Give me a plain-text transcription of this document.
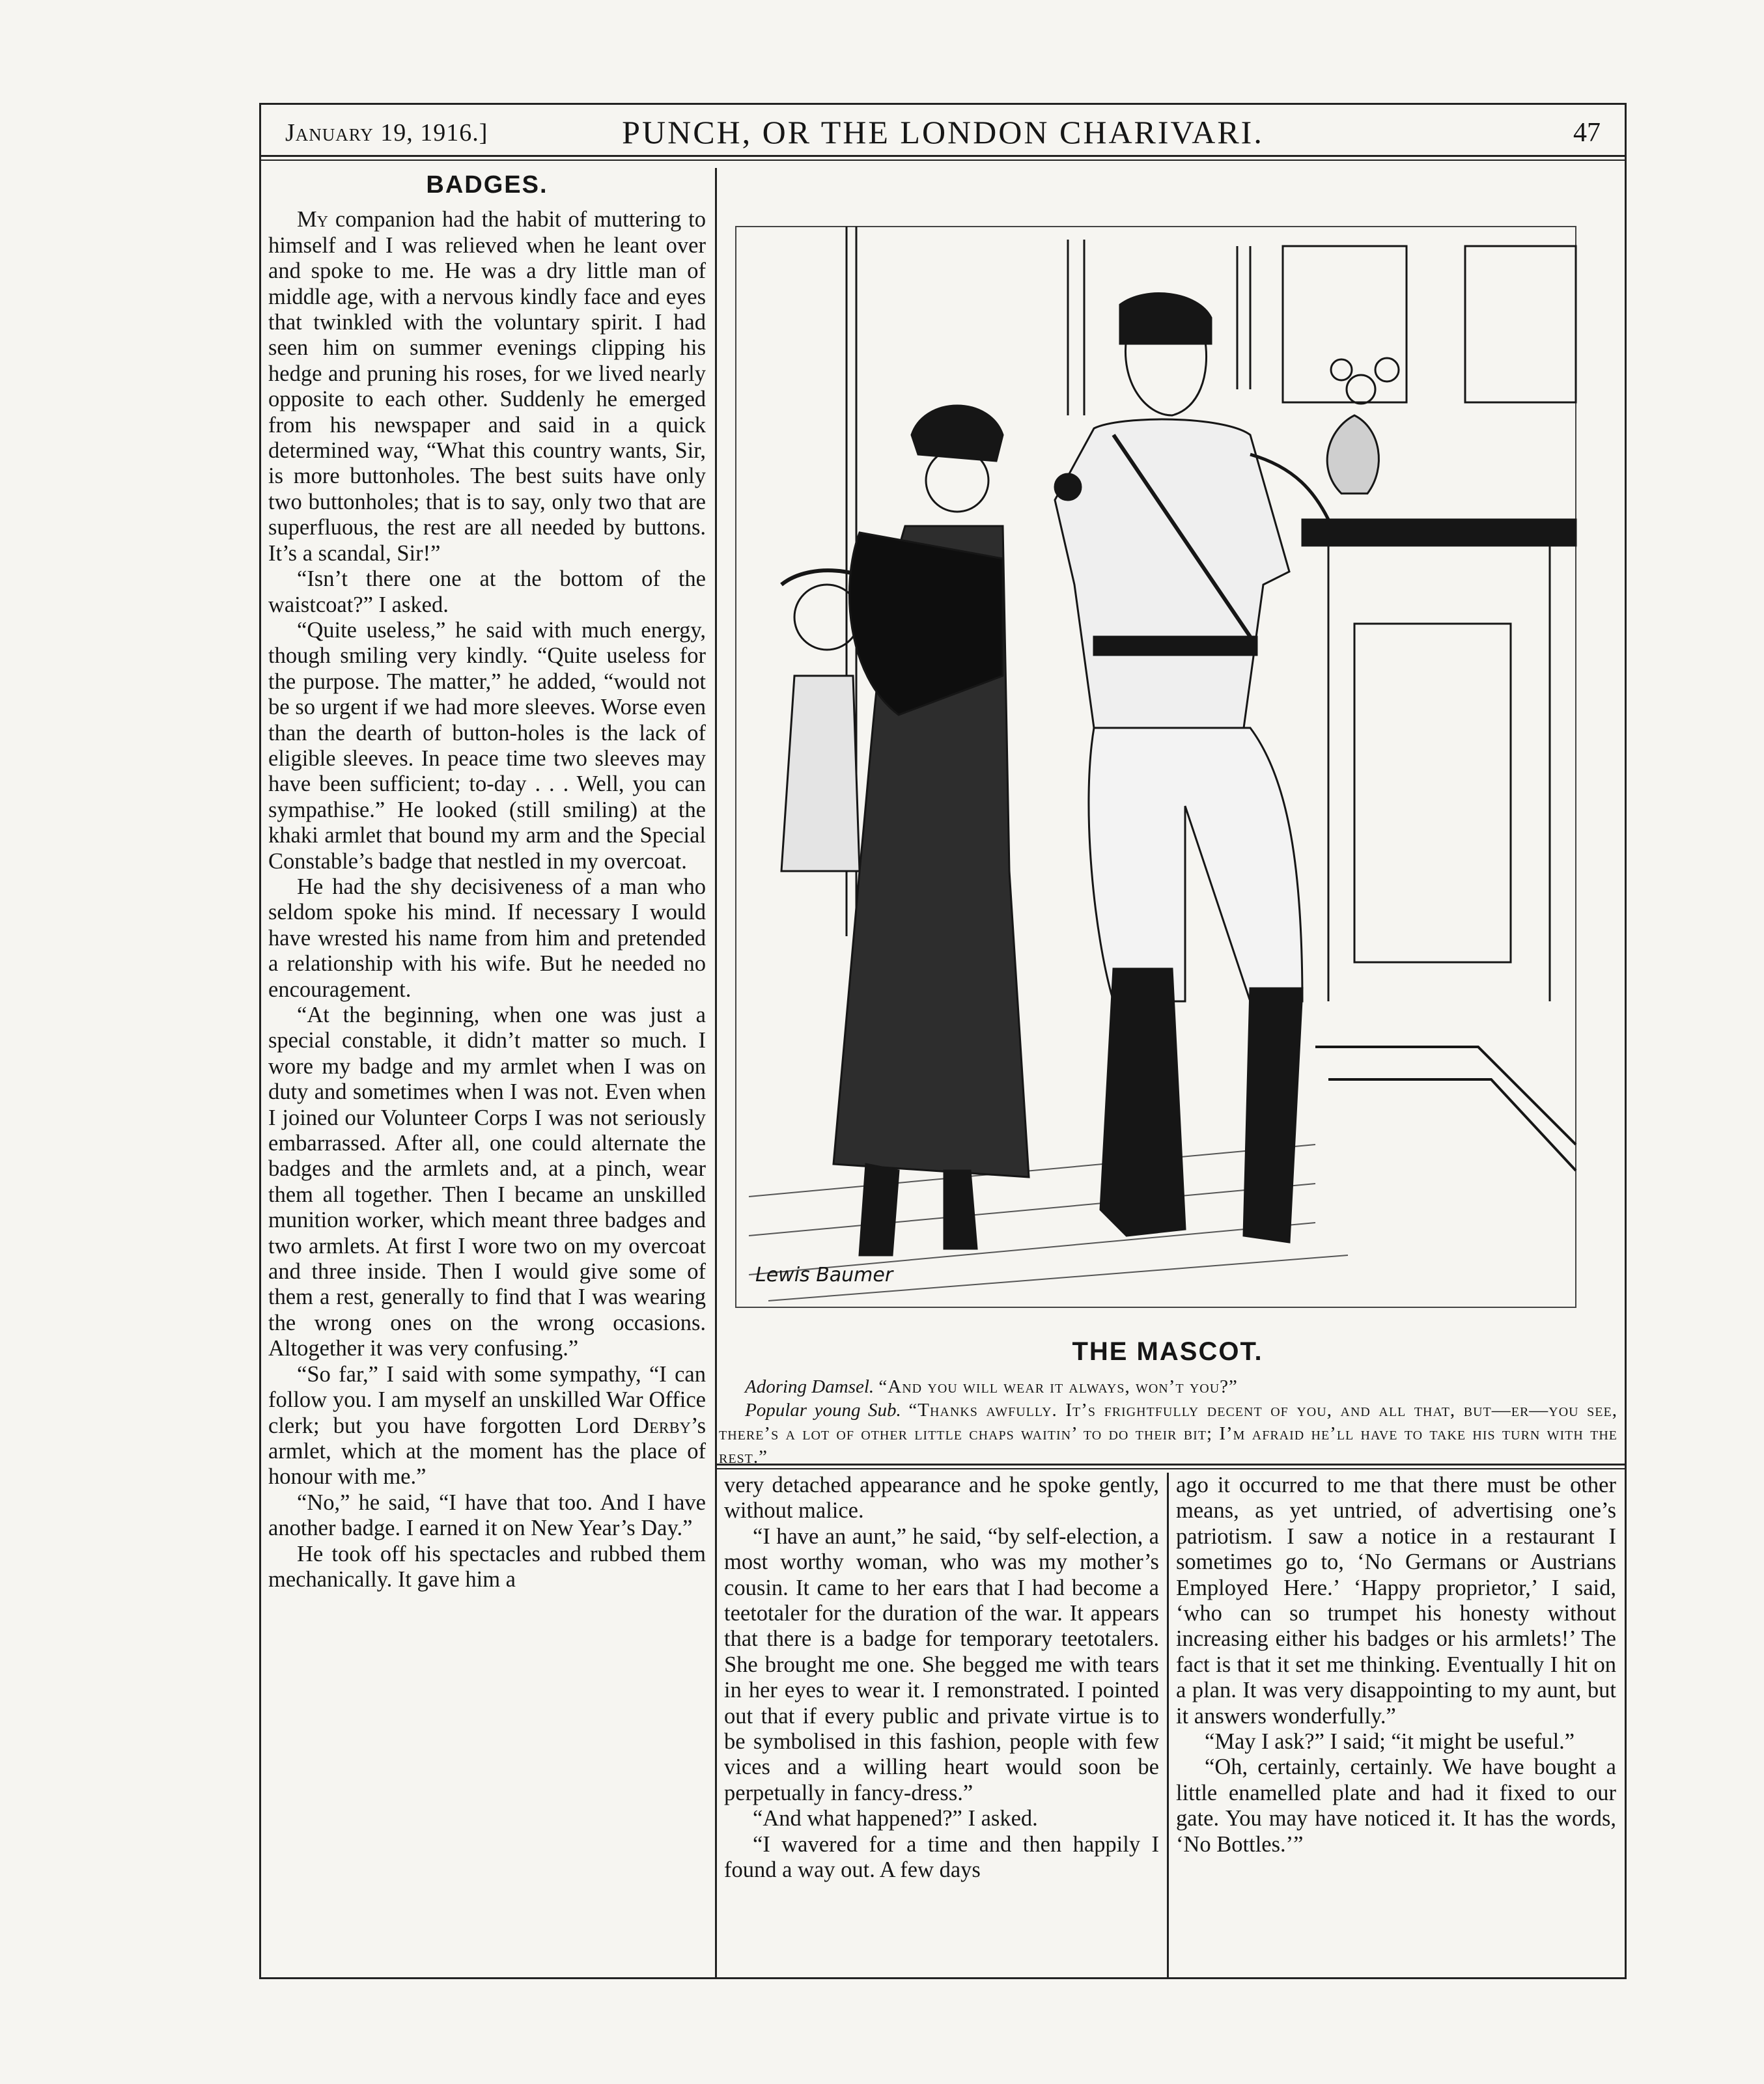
January 19, 1916.]	PUNCH, OR THE LONDON CHARIVARI.	47
BADGES.

My companion had the habit of muttering to himself and I was relieved when he leant over and spoke to me. He was a dry little man of middle age, with a nervous kindly face and eyes that twinkled with the voluntary spirit. I had seen him on summer evenings clipping his hedge and pruning his roses, for we lived nearly opposite to each other. Suddenly he emerged from his newspaper and said in a quick determined way, “What this country wants, Sir, is more buttonholes. The best suits have only two buttonholes; that is to say, only two that are superfluous, the rest are all needed by buttons. It’s a scandal, Sir!”

“Isn’t there one at the bottom of the waistcoat?” I asked.

“Quite useless,” he said with much energy, though smiling very kindly. “Quite useless for the purpose. The matter,” he added, “would not be so urgent if we had more sleeves. Worse even than the dearth of button-holes is the lack of eligible sleeves. In peace time two sleeves may have been sufficient; to-day . . . Well, you can sympathise.” He looked (still smiling) at the khaki armlet that bound my arm and the Special Constable’s badge that nestled in my overcoat.

He had the shy decisiveness of a man who seldom spoke his mind. If necessary I would have wrested his name from him and pretended a relationship with his wife. But he needed no encouragement.

“At the beginning, when one was just a special constable, it didn’t matter so much. I wore my badge and my armlet when I was on duty and sometimes when I was not. Even when I joined our Volunteer Corps I was not seriously embarrassed. After all, one could alternate the badges and the armlets and, at a pinch, wear them all together. Then I became an unskilled munition worker, which meant three badges and two armlets. At first I wore two on my overcoat and three inside. Then I would give some of them a rest, generally to find that I was wearing the wrong ones on the wrong occasions. Altogether it was very confusing.”

“So far,” I said with some sympathy, “I can follow you. I am myself an unskilled War Office clerk; but you have forgotten Lord Derby’s armlet, which at the moment has the place of honour with me.”

“No,” he said, “I have that too. And I have another badge. I earned it on New Year’s Day.”

He took off his spectacles and rubbed them mechanically. It gave him a

Lewis Baumer
THE MASCOT.

Adoring Damsel. “And you will wear it always, won’t you?”

Popular young Sub. “Thanks awfully. It’s frightfully decent of you, and all that, but—er—you see, there’s a lot of other little chaps waitin’ to do their bit; I’m afraid he’ll have to take his turn with the rest.”

very detached appearance and he spoke gently, without malice.

“I have an aunt,” he said, “by self-election, a most worthy woman, who was my mother’s cousin. It came to her ears that I had become a teetotaler for the duration of the war. It appears that there is a badge for temporary teetotalers. She brought me one. She begged me with tears in her eyes to wear it. I remonstrated. I pointed out that if every public and private virtue is to be symbolised in this fashion, people with few vices and a willing heart would soon be perpetually in fancy-dress.”

“And what happened?” I asked.

“I wavered for a time and then happily I found a way out. A few days

ago it occurred to me that there must be other means, as yet untried, of advertising one’s patriotism. I saw a notice in a restaurant I sometimes go to, ‘No Germans or Austrians Employed Here.’ ‘Happy proprietor,’ I said, ‘who can so trumpet his honesty without increasing either his badges or his armlets!’ The fact is that it set me thinking. Eventually I hit on a plan. It was very disappointing to my aunt, but it answers wonderfully.”

“May I ask?” I said; “it might be useful.”

“Oh, certainly, certainly. We have bought a little enamelled plate and had it fixed to our gate. You may have noticed it. It has the words, ‘No Bottles.’”
